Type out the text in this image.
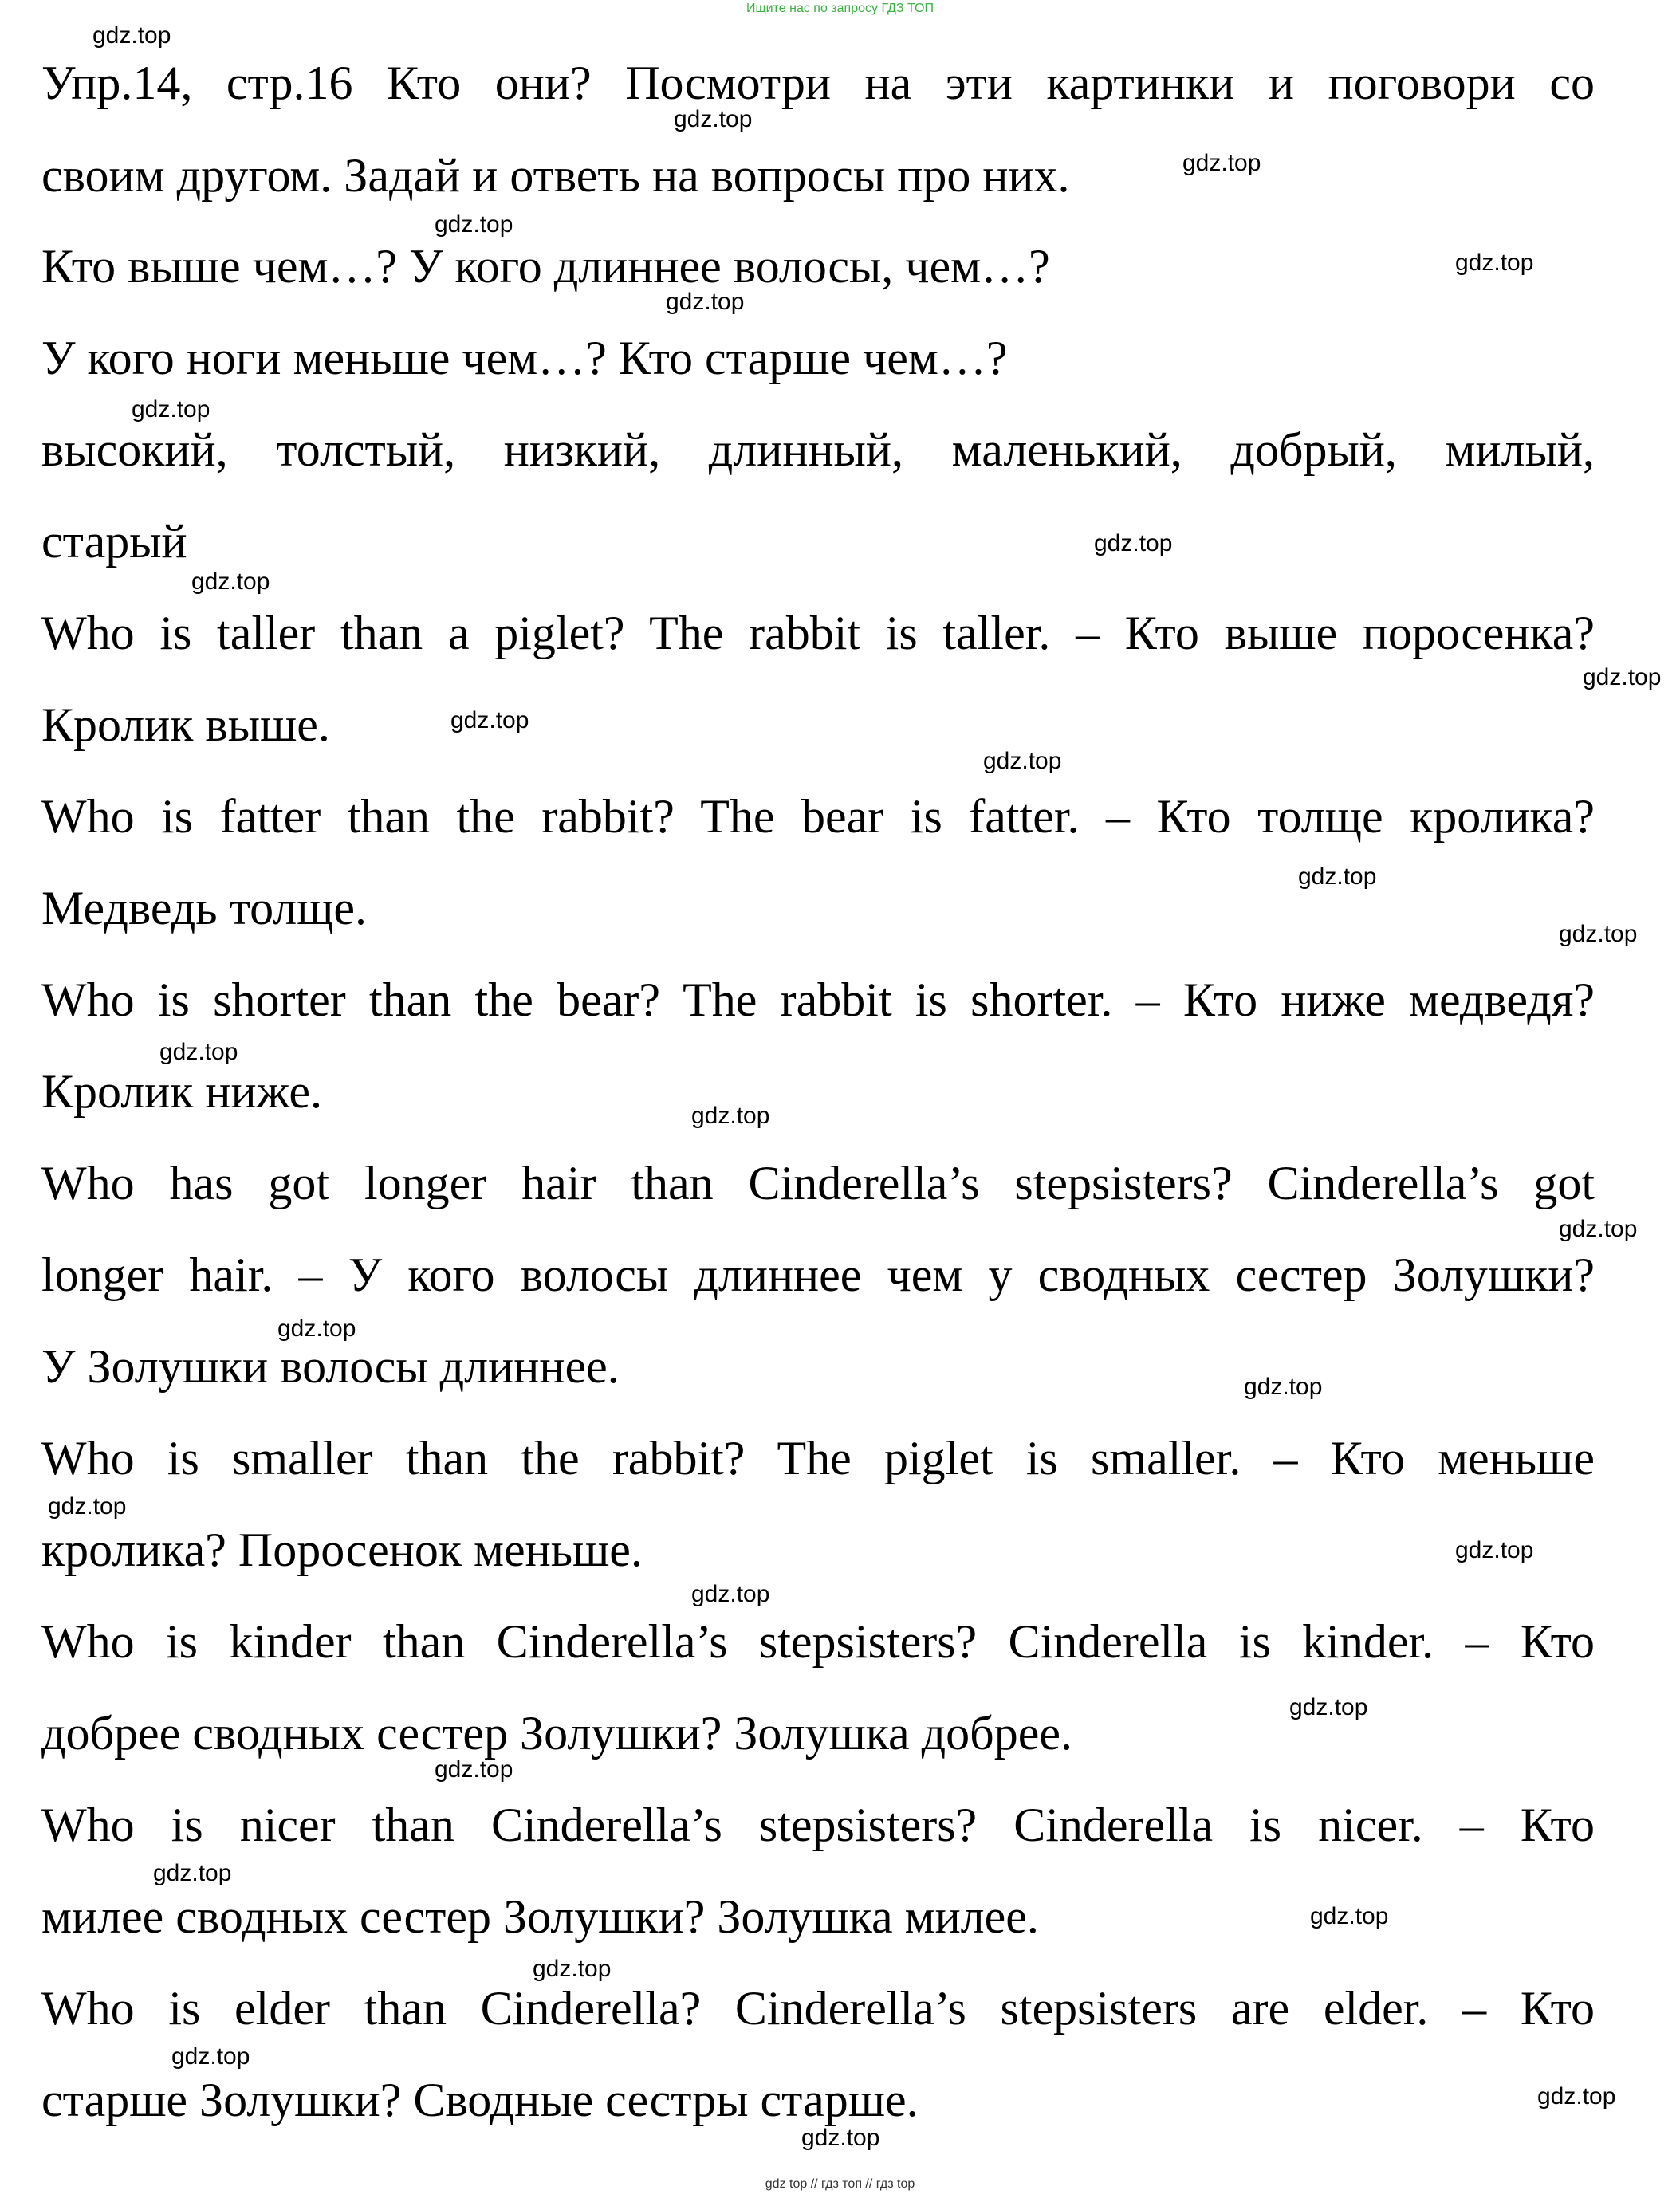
Ищите нас по запросу ГДЗ ТОП
Упр.14, стр.16 Кто они? Посмотри на эти картинки и поговори со
своим другом. Задай и ответь на вопросы про них.
Кто выше чем…? У кого длиннее волосы, чем…?
У кого ноги меньше чем…? Кто старше чем…?
высокий, толстый, низкий, длинный, маленький, добрый, милый,
старый
Who is taller than a piglet? The rabbit is taller. – Кто выше поросенка?
Кролик выше.
Who is fatter than the rabbit? The bear is fatter. – Кто толще кролика?
Медведь толще.
Who is shorter than the bear? The rabbit is shorter. – Кто ниже медведя?
Кролик ниже.
Who has got longer hair than Cinderella’s stepsisters? Cinderella’s got
longer hair. – У кого волосы длиннее чем у сводных сестер Золушки?
У Золушки волосы длиннее.
Who is smaller than the rabbit? The piglet is smaller. – Кто меньше
кролика? Поросенок меньше.
Who is kinder than Cinderella’s stepsisters? Cinderella is kinder. – Кто
добрее сводных сестер Золушки? Золушка добрее.
Who is nicer than Cinderella’s stepsisters? Cinderella is nicer. – Кто
милее сводных сестер Золушки? Золушка милее.
Who is elder than Cinderella? Cinderella’s stepsisters are elder. – Кто
старше Золушки? Сводные сестры старше.
gdz.top
gdz.top
gdz.top
gdz.top
gdz.top
gdz.top
gdz.top
gdz.top
gdz.top
gdz.top
gdz.top
gdz.top
gdz.top
gdz.top
gdz.top
gdz.top
gdz.top
gdz.top
gdz.top
gdz.top
gdz.top
gdz.top
gdz.top
gdz.top
gdz.top
gdz.top
gdz.top
gdz.top
gdz.top
gdz.top
gdz top // гдз топ // гдз top
